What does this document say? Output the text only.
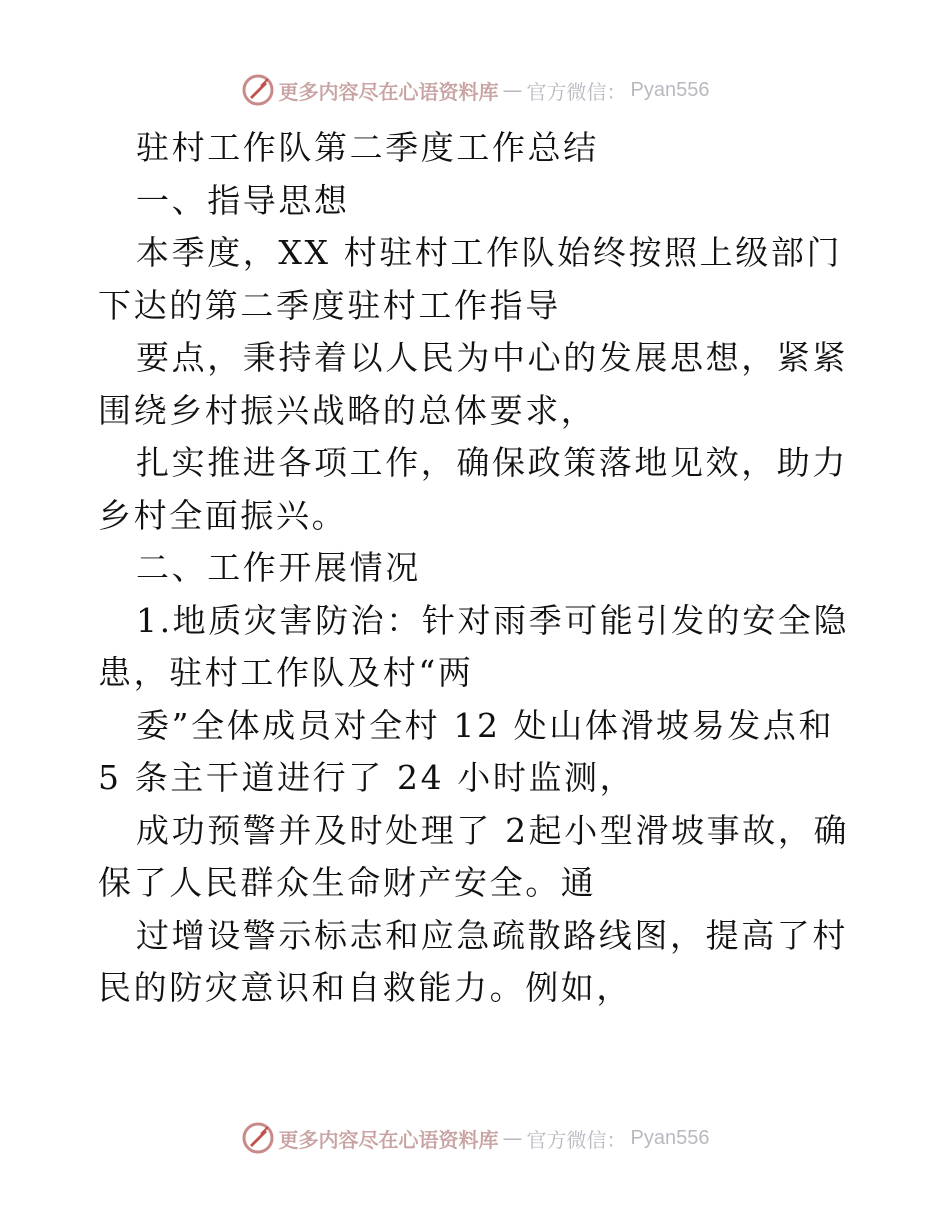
更多内容尽在心语资料库 — 官方微信： Pyan556

驻村工作队第二季度工作总结

一、指导思想

本季度，XX 村驻村工作队始终按照上级部门下达的第二季度驻村工作指导

要点，秉持着以人民为中心的发展思想，紧紧围绕乡村振兴战略的总体要求，

扎实推进各项工作，确保政策落地见效，助力乡村全面振兴。

二、工作开展情况

1.地质灾害防治：针对雨季可能引发的安全隐患，驻村工作队及村“两

委”全体成员对全村 12 处山体滑坡易发点和 5 条主干道进行了 24 小时监测，

成功预警并及时处理了 2起小型滑坡事故，确保了人民群众生命财产安全。通

过增设警示标志和应急疏散路线图，提高了村民的防灾意识和自救能力。例如，

更多内容尽在心语资料库 — 官方微信： Pyan556
